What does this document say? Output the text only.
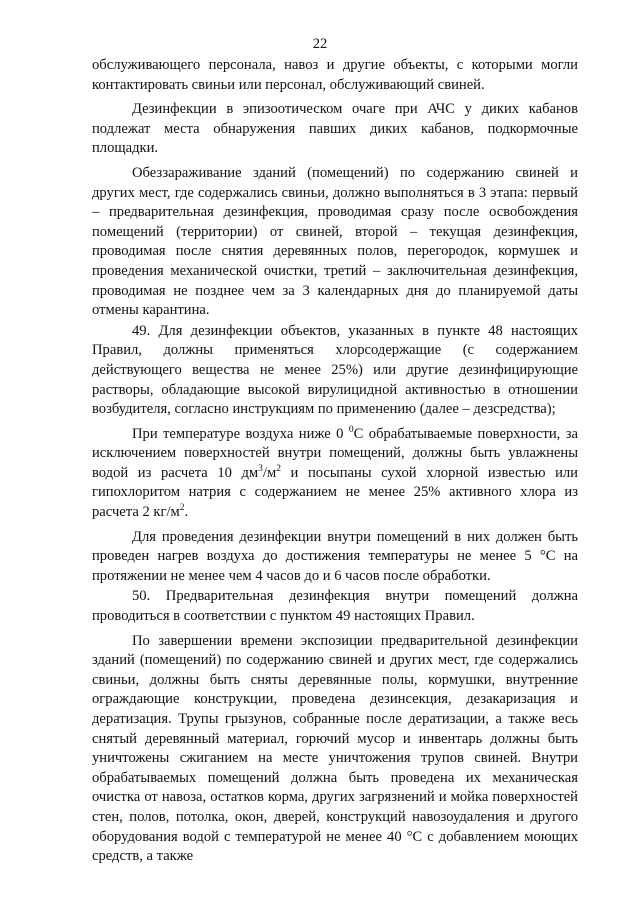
22

обслуживающего персонала, навоз и другие объекты, с которыми могли контактировать свиньи или персонал, обслуживающий свиней.

Дезинфекции в эпизоотическом очаге при АЧС у диких кабанов подлежат места обнаружения павших диких кабанов, подкормочные площадки.

Обеззараживание зданий (помещений) по содержанию свиней и других мест, где содержались свиньи, должно выполняться в 3 этапа: первый – предварительная дезинфекция, проводимая сразу после освобождения помещений (территории) от свиней, второй – текущая дезинфекция, проводимая после снятия деревянных полов, перегородок, кормушек и проведения механической очистки, третий – заключительная дезинфекция, проводимая не позднее чем за 3 календарных дня до планируемой даты отмены карантина.

49. Для дезинфекции объектов, указанных в пункте 48 настоящих Правил, должны применяться хлорсодержащие (с содержанием действующего вещества не менее 25%) или другие дезинфицирующие растворы, обладающие высокой вирулицидной активностью в отношении возбудителя, согласно инструкциям по применению (далее – дезсредства);

При температуре воздуха ниже 0 $^0$С обрабатываемые поверхности, за исключением поверхностей внутри помещений, должны быть увлажнены водой из расчета 10 $дм^3/м^2$ и посыпаны сухой хлорной известью или гипохлоритом натрия с содержанием не менее 25% активного хлора из расчета 2 $кг/м^2$.

Для проведения дезинфекции внутри помещений в них должен быть проведен нагрев воздуха до достижения температуры не менее 5 °С на протяжении не менее чем 4 часов до и 6 часов после обработки.

50. Предварительная дезинфекция внутри помещений должна проводиться в соответствии с пунктом 49 настоящих Правил.

По завершении времени экспозиции предварительной дезинфекции зданий (помещений) по содержанию свиней и других мест, где содержались свиньи, должны быть сняты деревянные полы, кормушки, внутренние ограждающие конструкции, проведена дезинсекция, дезакаризация и дератизация. Трупы грызунов, собранные после дератизации, а также весь снятый деревянный материал, горючий мусор и инвентарь должны быть уничтожены сжиганием на месте уничтожения трупов свиней. Внутри обрабатываемых помещений должна быть проведена их механическая очистка от навоза, остатков корма, других загрязнений и мойка поверхностей стен, полов, потолка, окон, дверей, конструкций навозоудаления и другого оборудования водой с температурой не менее 40 °С с добавлением моющих средств, а также
